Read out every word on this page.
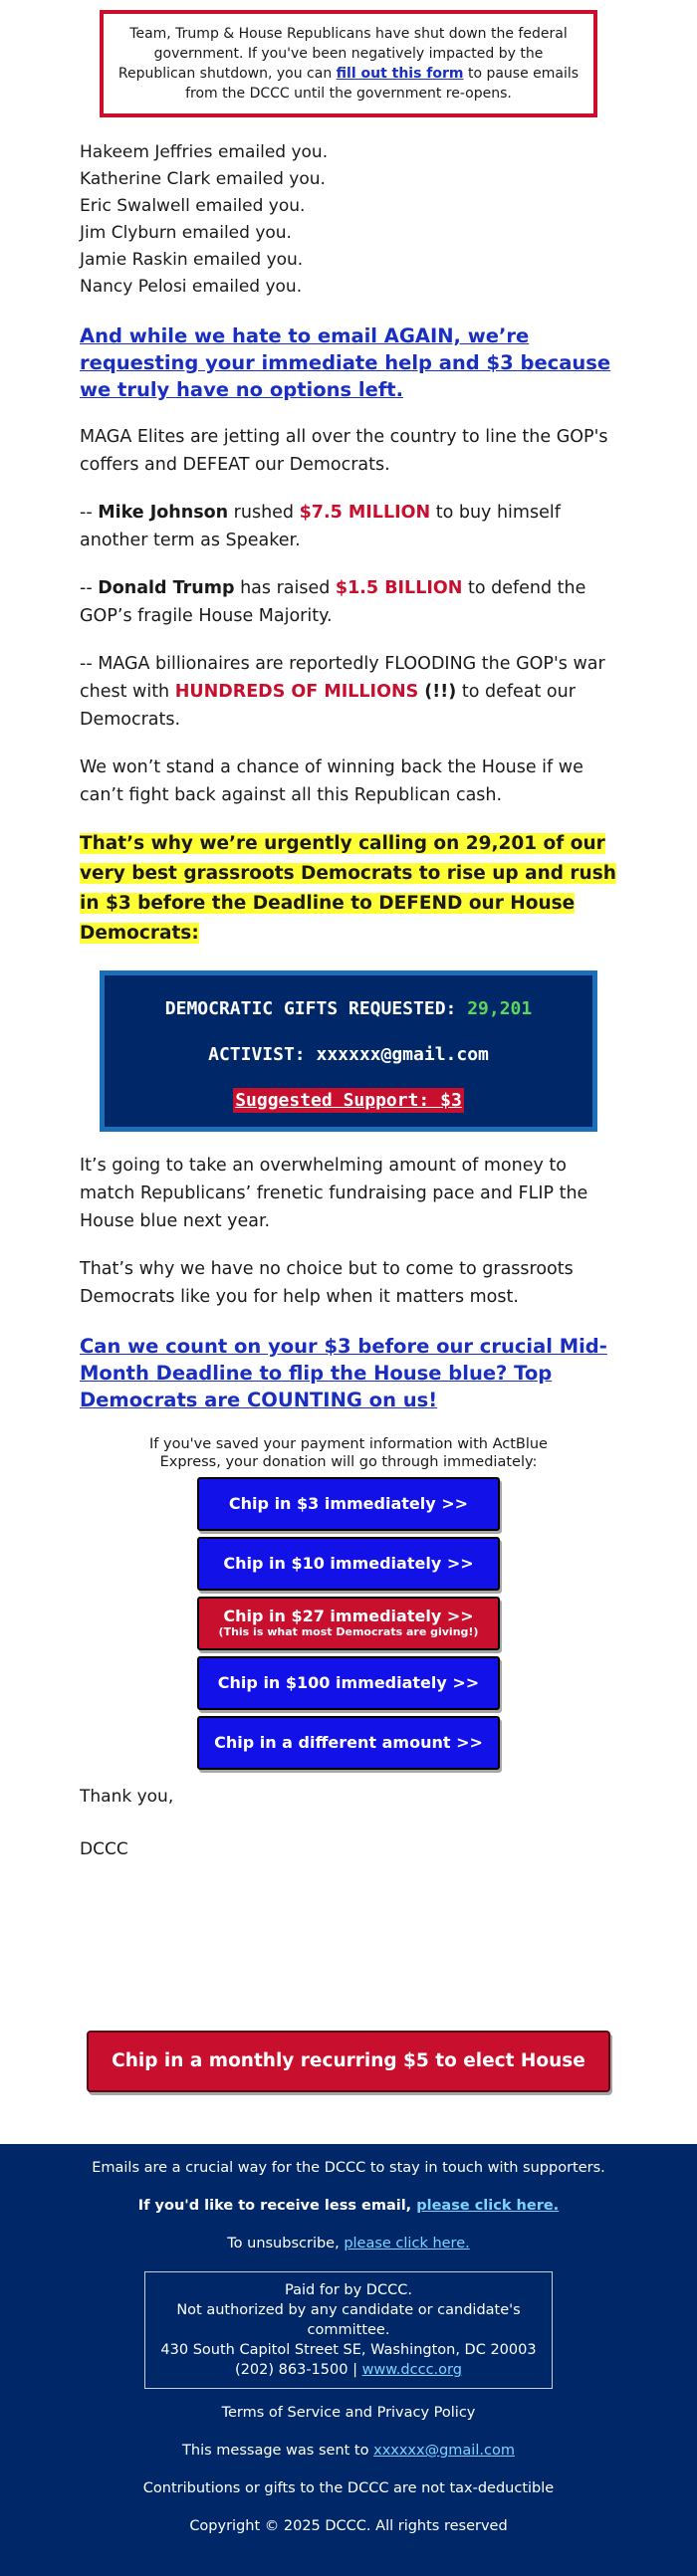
Team, Trump & House Republicans have shut down the federal government. If you've been negatively impacted by the Republican shutdown, you can fill out this form to pause emails from the DCCC until the government re-opens.
Hakeem Jeffries emailed you.
Katherine Clark emailed you.
Eric Swalwell emailed you.
Jim Clyburn emailed you.
Jamie Raskin emailed you.
Nancy Pelosi emailed you.
And while we hate to email AGAIN, we’re requesting your immediate help and $3 because we truly have no options left.

MAGA Elites are jetting all over the country to line the GOP's coffers and DEFEAT our Democrats.

-- Mike Johnson rushed $7.5 MILLION to buy himself another term as Speaker.

-- Donald Trump has raised $1.5 BILLION to defend the GOP’s fragile House Majority.

-- MAGA billionaires are reportedly FLOODING the GOP's war chest with HUNDREDS OF MILLIONS (!!) to defeat our Democrats.

We won’t stand a chance of winning back the House if we can’t fight back against all this Republican cash.

That’s why we’re urgently calling on 29,201 of our very best grassroots Democrats to rise up and rush in $3 before the Deadline to DEFEND our House Democrats:

DEMOCRATIC GIFTS REQUESTED: 29,201
ACTIVIST: xxxxxx@gmail.com
Suggested Support: $3

It’s going to take an overwhelming amount of money to match Republicans’ frenetic fundraising pace and FLIP the House blue next year.

That’s why we have no choice but to come to grassroots Democrats like you for help when it matters most.

Can we count on your $3 before our crucial Mid-Month Deadline to flip the House blue? Top Democrats are COUNTING on us!
If you've saved your payment information with ActBlue Express, your donation will go through immediately:
Chip in $3 immediately >>
Chip in $10 immediately >>
Chip in $27 immediately >>
(This is what most Democrats are giving!)
Chip in $100 immediately >>
Chip in a different amount >>
Thank you,
DCCC
Chip in a monthly recurring $5 to elect House Dems >>
Emails are a crucial way for the DCCC to stay in touch with supporters.
If you'd like to receive less email, please click here.
To unsubscribe, please click here.
Paid for by DCCC.
Not authorized by any candidate or candidate's committee.
430 South Capitol Street SE, Washington, DC 20003
(202) 863-1500 | www.dccc.org
Terms of Service and Privacy Policy
This message was sent to xxxxxx@gmail.com
Contributions or gifts to the DCCC are not tax-deductible
Copyright © 2025 DCCC. All rights reserved
